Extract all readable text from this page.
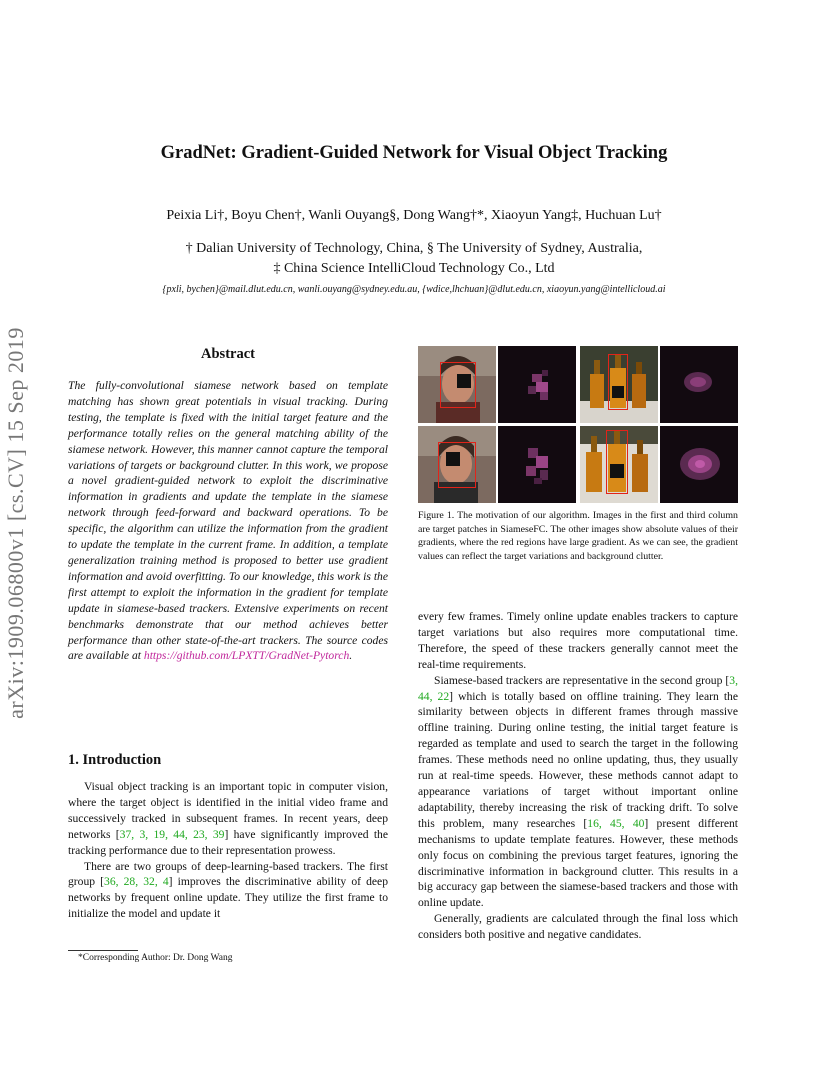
arXiv:1909.06800v1 [cs.CV] 15 Sep 2019
GradNet: Gradient-Guided Network for Visual Object Tracking
Peixia Li†, Boyu Chen†, Wanli Ouyang§, Dong Wang†*, Xiaoyun Yang‡, Huchuan Lu†
† Dalian University of Technology, China, § The University of Sydney, Australia,
‡ China Science IntelliCloud Technology Co., Ltd
{pxli, bychen}@mail.dlut.edu.cn, wanli.ouyang@sydney.edu.au, {wdice,lhchuan}@dlut.edu.cn, xiaoyun.yang@intellicloud.ai
Abstract
The fully-convolutional siamese network based on template matching has shown great potentials in visual tracking. During testing, the template is fixed with the initial target feature and the performance totally relies on the general matching ability of the siamese network. However, this manner cannot capture the temporal variations of targets or background clutter. In this work, we propose a novel gradient-guided network to exploit the discriminative information in gradients and update the template in the siamese network through feed-forward and backward operations. To be specific, the algorithm can utilize the information from the gradient to update the template in the current frame. In addition, a template generalization training method is proposed to better use gradient information and avoid overfitting. To our knowledge, this work is the first attempt to exploit the information in the gradient for template update in siamese-based trackers. Extensive experiments on recent benchmarks demonstrate that our method achieves better performance than other state-of-the-art trackers. The source codes are available at https://github.com/LPXTT/GradNet-Pytorch.
1. Introduction

Visual object tracking is an important topic in computer vision, where the target object is identified in the initial video frame and successively tracked in subsequent frames. In recent years, deep networks [37, 3, 19, 44, 23, 39] have significantly improved the tracking performance due to their representation prowess.

There are two groups of deep-learning-based trackers. The first group [36, 28, 32, 4] improves the discriminative ability of deep networks by frequent online update. They utilize the first frame to initialize the model and update it

*Corresponding Author: Dr. Dong Wang
Figure 1. The motivation of our algorithm. Images in the first and third column are target patches in SiameseFC. The other images show absolute values of their gradients, where the red regions have large gradient. As we can see, the gradient values can reflect the target variations and background clutter.

every few frames. Timely online update enables trackers to capture target variations but also requires more computational time. Therefore, the speed of these trackers generally cannot meet the real-time requirements.

Siamese-based trackers are representative in the second group [3, 44, 22] which is totally based on offline training. They learn the similarity between objects in different frames through massive offline training. During online testing, the initial target feature is regarded as template and used to search the target in the following frames. These methods need no online updating, thus, they usually run at real-time speeds. However, these methods cannot adapt to appearance variations of target without important online adaptability, thereby increasing the risk of tracking drift. To solve this problem, many researches [16, 45, 40] present different mechanisms to update template features. However, these methods only focus on combining the previous target features, ignoring the discriminative information in background clutter. This results in a big accuracy gap between the siamese-based trackers and those with online update.

Generally, gradients are calculated through the final loss which considers both positive and negative candidates.
